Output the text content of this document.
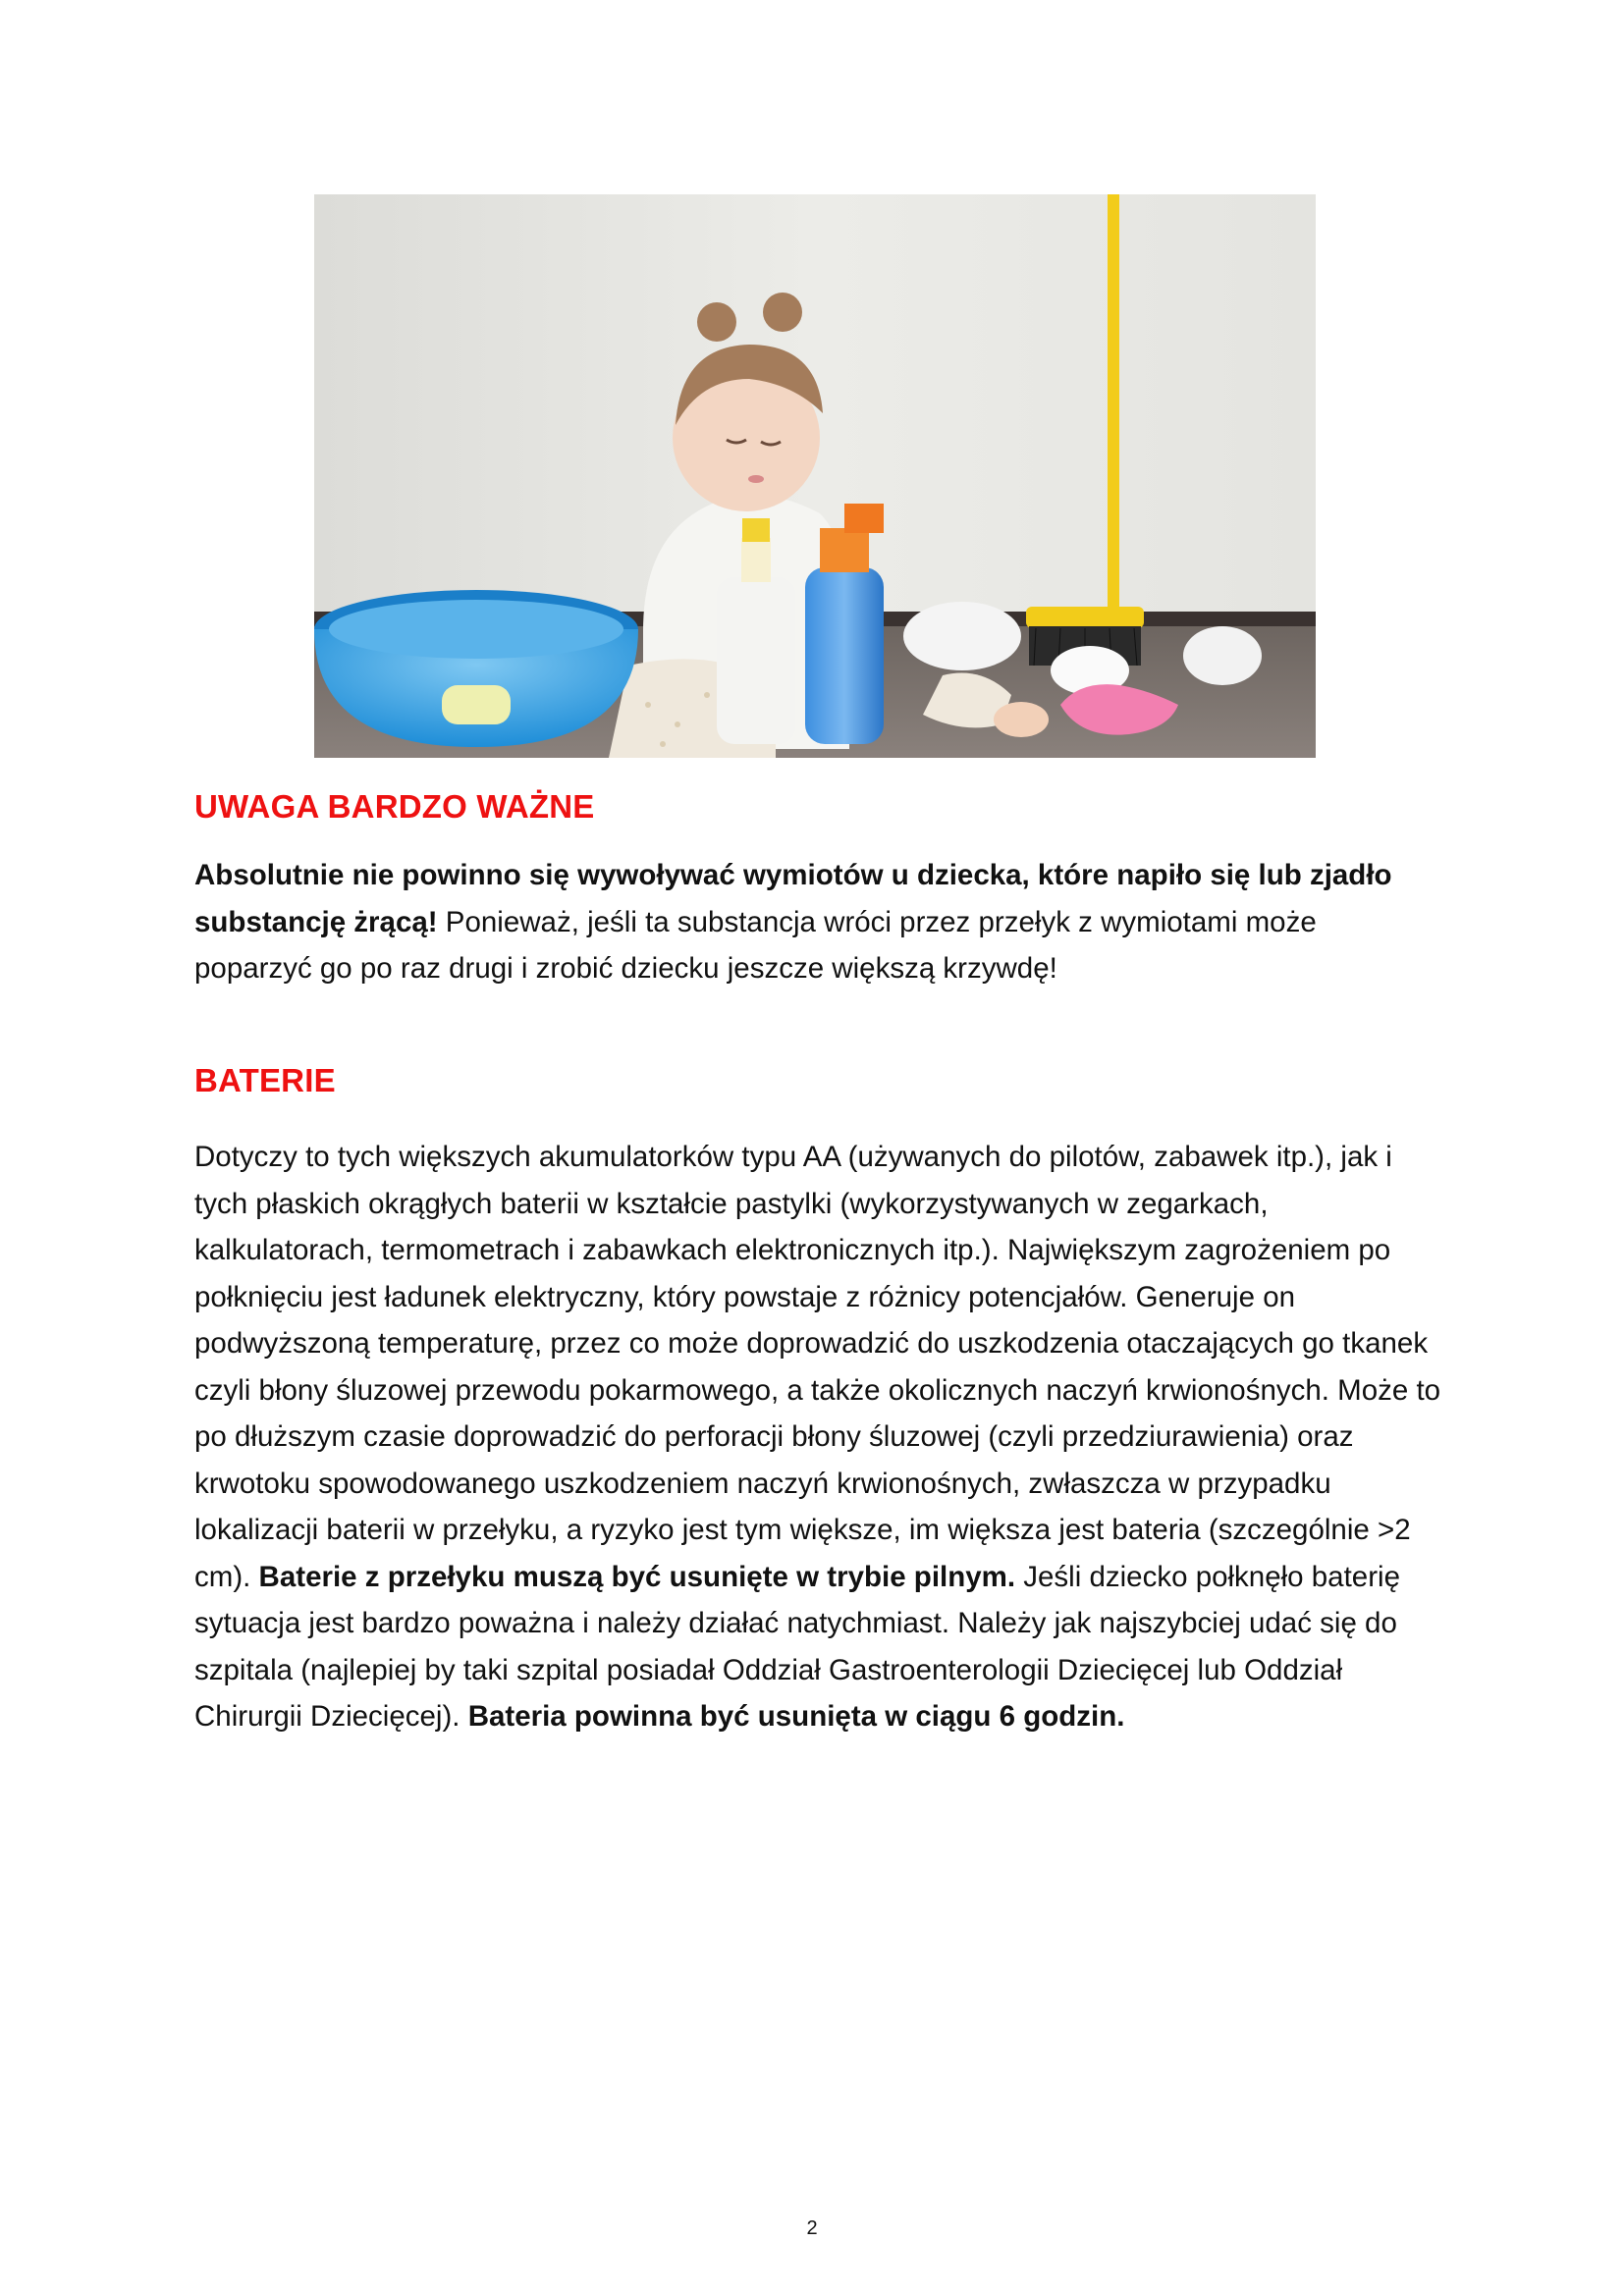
UWAGA BARDZO WAŻNE
Absolutnie nie powinno się wywoływać wymiotów u dziecka, które napiło się lub zjadło substancję żrącą! Ponieważ, jeśli ta substancja wróci przez przełyk z wymiotami może poparzyć go po raz drugi i zrobić dziecku jeszcze większą krzywdę!
BATERIE
Dotyczy to tych większych akumulatorków typu AA (używanych do pilotów, zabawek itp.), jak i tych płaskich okrągłych baterii w kształcie pastylki (wykorzystywanych w zegarkach, kalkulatorach, termometrach i zabawkach elektronicznych itp.). Największym zagrożeniem po połknięciu jest ładunek elektryczny, który powstaje z różnicy potencjałów. Generuje on podwyższoną temperaturę, przez co może doprowadzić do uszkodzenia otaczających go tkanek czyli błony śluzowej przewodu pokarmowego, a także okolicznych naczyń krwionośnych. Może to po dłuższym czasie doprowadzić do perforacji błony śluzowej (czyli przedziurawienia) oraz krwotoku spowodowanego uszkodzeniem naczyń krwionośnych, zwłaszcza w przypadku lokalizacji baterii w przełyku, a ryzyko jest tym większe, im większa jest bateria (szczególnie >2 cm). Baterie z przełyku muszą być usunięte w trybie pilnym. Jeśli dziecko połknęło baterię sytuacja jest bardzo poważna i należy działać natychmiast. Należy jak najszybciej udać się do szpitala (najlepiej by taki szpital posiadał Oddział Gastroenterologii Dziecięcej lub Oddział Chirurgii Dziecięcej). Bateria powinna być usunięta w ciągu 6 godzin.
2
